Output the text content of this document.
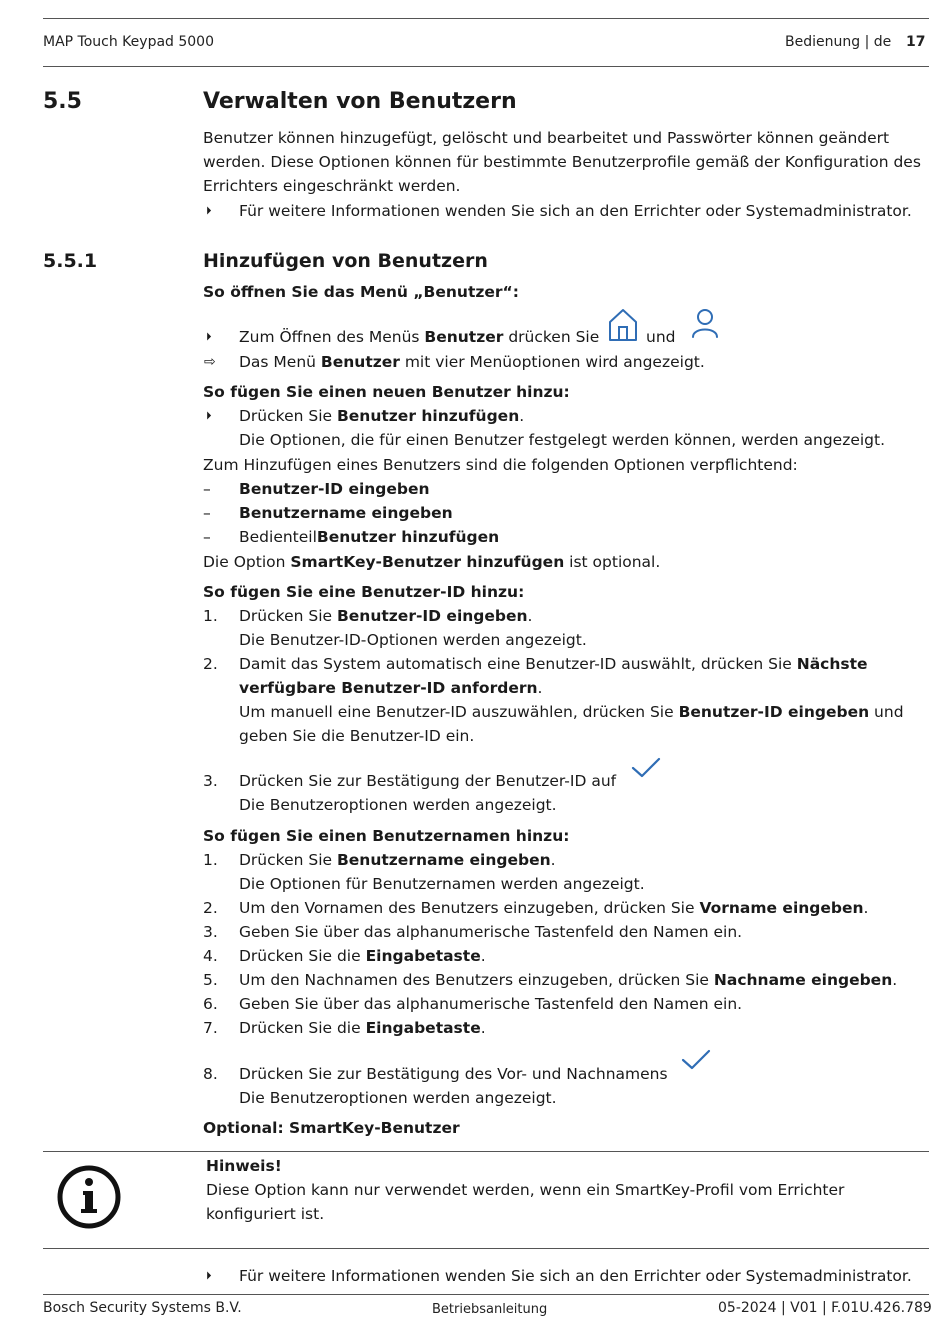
MAP Touch Keypad 5000	Bedienung | de 17
5.5	Verwalten von Benutzern
Benutzer können hinzugefügt, gelöscht und bearbeitet und Passwörter können geändert
werden. Diese Optionen können für bestimmte Benutzerprofile gemäß der Konfiguration des
Errichters eingeschränkt werden.
⏵ Für weitere Informationen wenden Sie sich an den Errichter oder Systemadministrator.
5.5.1	Hinzufügen von Benutzern
So öffnen Sie das Menü „Benutzer“:
⏵ Zum Öffnen des Menüs Benutzer drücken Sie	und
⇨ Das Menü Benutzer mit vier Menüoptionen wird angezeigt.
So fügen Sie einen neuen Benutzer hinzu:
⏵ Drücken Sie Benutzer hinzufügen.
Die Optionen, die für einen Benutzer festgelegt werden können, werden angezeigt.
Zum Hinzufügen eines Benutzers sind die folgenden Optionen verpflichtend:
– Benutzer-ID eingeben
– Benutzername eingeben
– BedienteilBenutzer hinzufügen
Die Option SmartKey-Benutzer hinzufügen ist optional.
So fügen Sie eine Benutzer-ID hinzu:
1. Drücken Sie Benutzer-ID eingeben.
Die Benutzer-ID-Optionen werden angezeigt.
2. Damit das System automatisch eine Benutzer-ID auswählt, drücken Sie Nächste
verfügbare Benutzer-ID anfordern.
Um manuell eine Benutzer-ID auszuwählen, drücken Sie Benutzer-ID eingeben und
geben Sie die Benutzer-ID ein.
3. Drücken Sie zur Bestätigung der Benutzer-ID auf
Die Benutzeroptionen werden angezeigt.
So fügen Sie einen Benutzernamen hinzu:
1. Drücken Sie Benutzername eingeben.
Die Optionen für Benutzernamen werden angezeigt.
2. Um den Vornamen des Benutzers einzugeben, drücken Sie Vorname eingeben.
3. Geben Sie über das alphanumerische Tastenfeld den Namen ein.
4. Drücken Sie die Eingabetaste.
5. Um den Nachnamen des Benutzers einzugeben, drücken Sie Nachname eingeben.
6. Geben Sie über das alphanumerische Tastenfeld den Namen ein.
7. Drücken Sie die Eingabetaste.
8. Drücken Sie zur Bestätigung des Vor- und Nachnamens
Die Benutzeroptionen werden angezeigt.
Optional: SmartKey-Benutzer
Hinweis!
Diese Option kann nur verwendet werden, wenn ein SmartKey-Profil vom Errichter
konfiguriert ist.
⏵ Für weitere Informationen wenden Sie sich an den Errichter oder Systemadministrator.
Bosch Security Systems B.V.	Betriebsanleitung	05-2024 | V01 | F.01U.426.789
